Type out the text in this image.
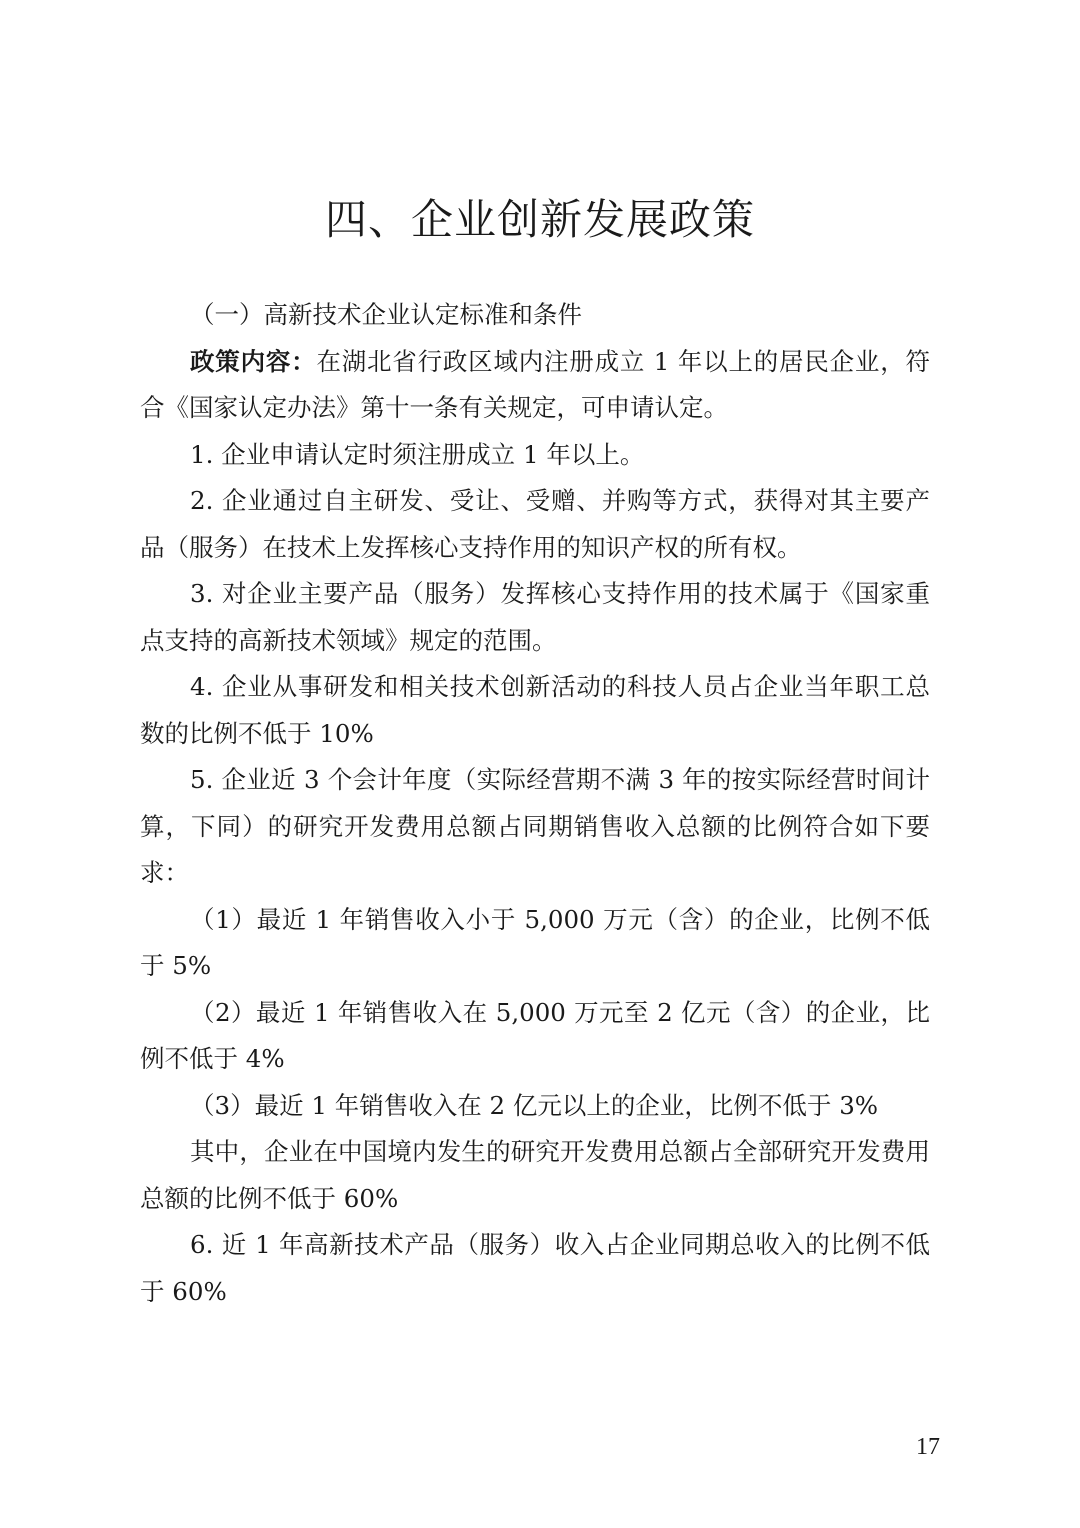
四、企业创新发展政策

（一）高新技术企业认定标准和条件

政策内容：在湖北省行政区域内注册成立 1 年以上的居民企业，符合《国家认定办法》第十一条有关规定，可申请认定。

1. 企业申请认定时须注册成立 1 年以上。

2. 企业通过自主研发、受让、受赠、并购等方式，获得对其主要产品（服务）在技术上发挥核心支持作用的知识产权的所有权。

3. 对企业主要产品（服务）发挥核心支持作用的技术属于《国家重点支持的高新技术领域》规定的范围。

4. 企业从事研发和相关技术创新活动的科技人员占企业当年职工总数的比例不低于 10%

5. 企业近 3 个会计年度（实际经营期不满 3 年的按实际经营时间计算，下同）的研究开发费用总额占同期销售收入总额的比例符合如下要求：

（1）最近 1 年销售收入小于 5,000 万元（含）的企业，比例不低于 5%

（2）最近 1 年销售收入在 5,000 万元至 2 亿元（含）的企业，比例不低于 4%

（3）最近 1 年销售收入在 2 亿元以上的企业，比例不低于 3%

其中，企业在中国境内发生的研究开发费用总额占全部研究开发费用总额的比例不低于 60%

6. 近 1 年高新技术产品（服务）收入占企业同期总收入的比例不低于 60%

17
